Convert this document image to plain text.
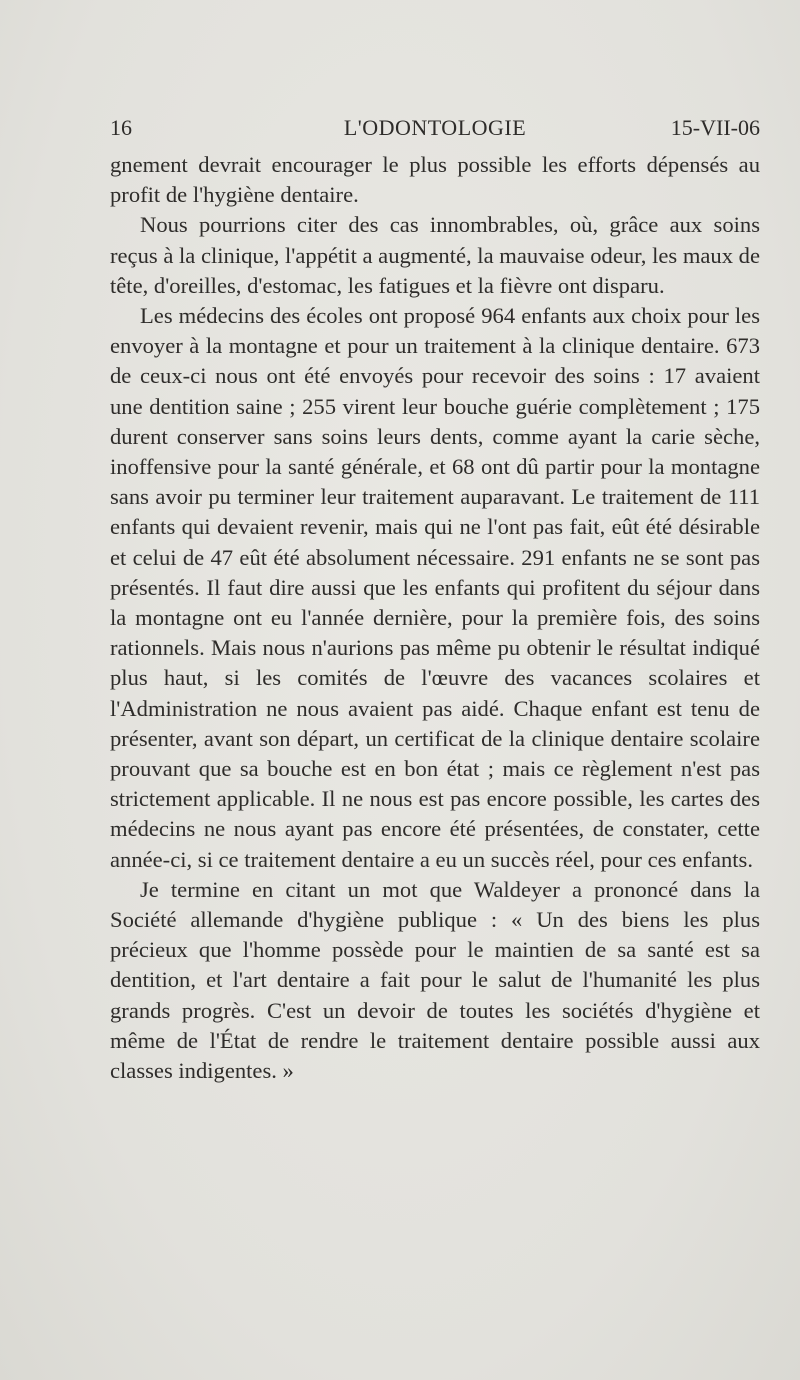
L'ODONTOLOGIE
16	15-VII-06

gnement devrait encourager le plus possible les efforts dépensés au profit de l'hygiène dentaire.

Nous pourrions citer des cas innombrables, où, grâce aux soins reçus à la clinique, l'appétit a augmenté, la mauvaise odeur, les maux de tête, d'oreilles, d'estomac, les fatigues et la fièvre ont disparu.

Les médecins des écoles ont proposé 964 enfants aux choix pour les envoyer à la montagne et pour un traitement à la clinique dentaire. 673 de ceux-ci nous ont été envoyés pour recevoir des soins : 17 avaient une dentition saine ; 255 virent leur bouche guérie complètement ; 175 durent conserver sans soins leurs dents, comme ayant la carie sèche, inoffensive pour la santé générale, et 68 ont dû partir pour la montagne sans avoir pu terminer leur traitement auparavant. Le traitement de 111 enfants qui devaient revenir, mais qui ne l'ont pas fait, eût été désirable et celui de 47 eût été absolument nécessaire. 291 enfants ne se sont pas présentés. Il faut dire aussi que les enfants qui profitent du séjour dans la montagne ont eu l'année dernière, pour la première fois, des soins rationnels. Mais nous n'aurions pas même pu obtenir le résultat indiqué plus haut, si les comités de l'œuvre des vacances scolaires et l'Administration ne nous avaient pas aidé. Chaque enfant est tenu de présenter, avant son départ, un certificat de la clinique dentaire scolaire prouvant que sa bouche est en bon état ; mais ce règlement n'est pas strictement applicable. Il ne nous est pas encore possible, les cartes des médecins ne nous ayant pas encore été présentées, de constater, cette année-ci, si ce traitement dentaire a eu un succès réel, pour ces enfants.

Je termine en citant un mot que Waldeyer a prononcé dans la Société allemande d'hygiène publique : « Un des biens les plus précieux que l'homme possède pour le maintien de sa santé est sa dentition, et l'art dentaire a fait pour le salut de l'humanité les plus grands progrès. C'est un devoir de toutes les sociétés d'hygiène et même de l'État de rendre le traitement dentaire possible aussi aux classes indigentes. »
